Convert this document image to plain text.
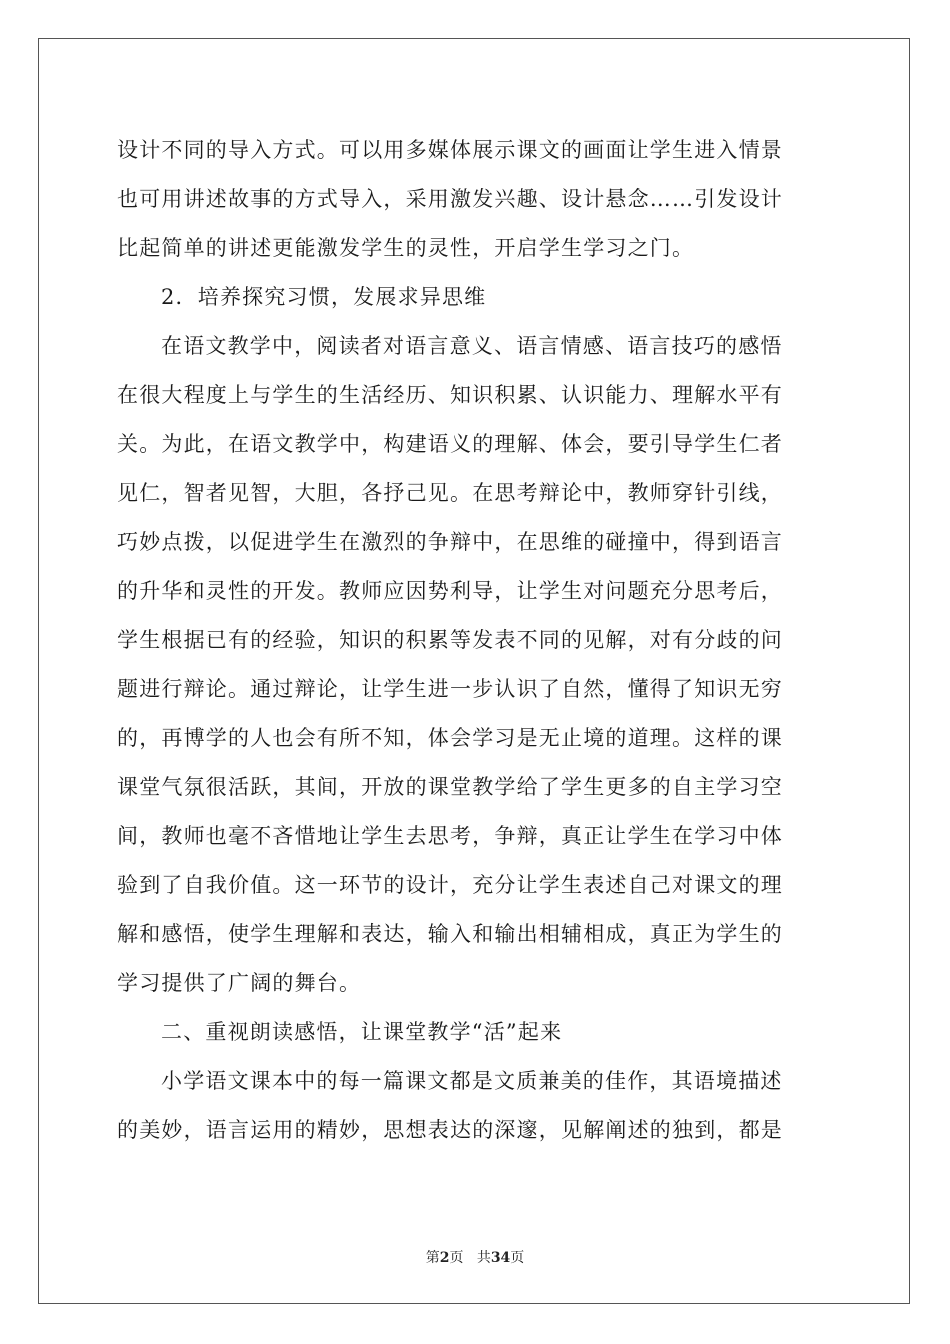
设计不同的导入方式。可以用多媒体展示课文的画面让学生进入情景
也可用讲述故事的方式导入，采用激发兴趣、设计悬念……引发设计
比起简单的讲述更能激发学生的灵性，开启学生学习之门。
2．培养探究习惯，发展求异思维
在语文教学中，阅读者对语言意义、语言情感、语言技巧的感悟
在很大程度上与学生的生活经历、知识积累、认识能力、理解水平有
关。为此，在语文教学中，构建语义的理解、体会，要引导学生仁者
见仁，智者见智，大胆，各抒己见。在思考辩论中，教师穿针引线，
巧妙点拨，以促进学生在激烈的争辩中，在思维的碰撞中，得到语言
的升华和灵性的开发。教师应因势利导，让学生对问题充分思考后，
学生根据已有的经验，知识的积累等发表不同的见解，对有分歧的问
题进行辩论。通过辩论，让学生进一步认识了自然，懂得了知识无穷
的，再博学的人也会有所不知，体会学习是无止境的道理。这样的课
课堂气氛很活跃，其间，开放的课堂教学给了学生更多的自主学习空
间，教师也毫不吝惜地让学生去思考，争辩，真正让学生在学习中体
验到了自我价值。这一环节的设计，充分让学生表述自己对课文的理
解和感悟，使学生理解和表达，输入和输出相辅相成，真正为学生的
学习提供了广阔的舞台。
二、重视朗读感悟，让课堂教学“活”起来
小学语文课本中的每一篇课文都是文质兼美的佳作，其语境描述
的美妙，语言运用的精妙，思想表达的深邃，见解阐述的独到，都是
第2页 共34页
